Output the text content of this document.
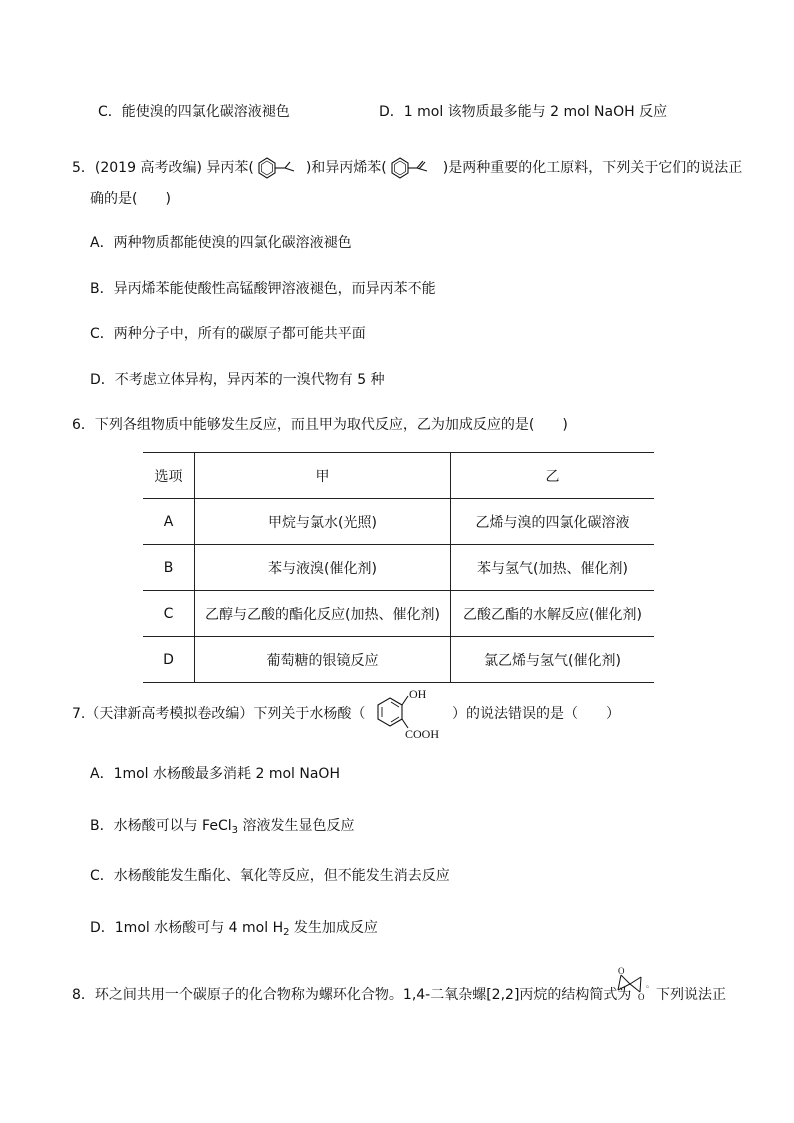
C．能使溴的四氯化碳溶液褪色	D．1 mol 该物质最多能与 2 mol NaOH 反应
5．(2019 高考改编) 异丙苯(	)和异丙烯苯(	)是两种重要的化工原料，下列关于它们的说法正
确的是(　　)
A．两种物质都能使溴的四氯化碳溶液褪色
B．异丙烯苯能使酸性高锰酸钾溶液褪色，而异丙苯不能
C．两种分子中，所有的碳原子都可能共平面
D．不考虑立体异构，异丙苯的一溴代物有 5 种
6．下列各组物质中能够发生反应，而且甲为取代反应，乙为加成反应的是(　　)
选项	甲	乙
A	甲烷与氯水(光照)	乙烯与溴的四氯化碳溶液
B	苯与液溴(催化剂)	苯与氢气(加热、催化剂)
C	乙醇与乙酸的酯化反应(加热、催化剂)	乙酸乙酯的水解反应(催化剂)
D	葡萄糖的银镜反应	氯乙烯与氢气(催化剂)
7.（天津新高考模拟卷改编）下列关于水杨酸（
OH
COOH
）的说法错误的是（　　）
A．1mol 水杨酸最多消耗 2 mol NaOH
B．水杨酸可以与 FeCl$_3$ 溶液发生显色反应
C．水杨酸能发生酯化、氧化等反应，但不能发生消去反应
D．1mol 水杨酸可与 4 mol $H_2$ 发生加成反应
8．环之间共用一个碳原子的化合物称为螺环化合物。1,4-二氧杂螺[2,2]丙烷的结构简式为
O
O
。
下列说法正
